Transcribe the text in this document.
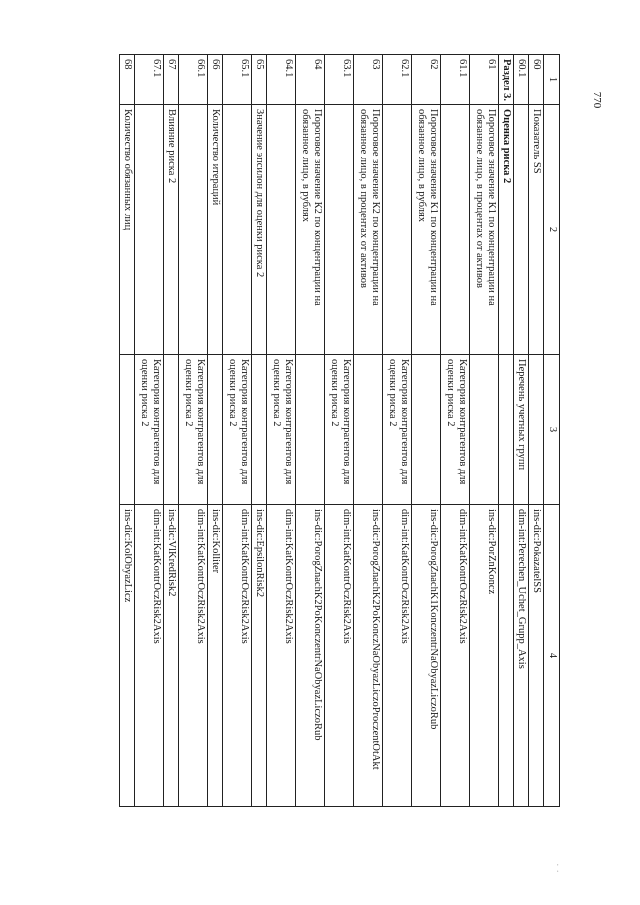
770
1	2	3	4
60	Показатель SS		ins-dic:PokazatelSS
60.1		Перечень учетных групп	dim-int:Perechen_Uchet_Grupp_Axis
Раздел 3.	Оценка риска 2		
61	Пороговое значение К1 по концентрации на обязанное лицо, в процентах от активов		ins-dic:PorZnKoncz
61.1		Категория контрагентов для оценки риска 2	dim-int:KatKontrOczRisk2Axis
62	Пороговое значение К1 по концентрации на обязанное лицо, в рублях		ins-dic:PorogZnachK1KonczentrNaObyazLiczoRub
62.1		Категория контрагентов для оценки риска 2	dim-int:KatKontrOczRisk2Axis
63	Пороговое значение К2 по концентрации на обязанное лицо, в процентах от активов		ins-dic:PorogZnachK2PoKonczNaObyazLiczoProczentOtAkt
63.1		Категория контрагентов для оценки риска 2	dim-int:KatKontrOczRisk2Axis
64	Пороговое значение К2 по концентрации на обязанное лицо, в рублях		ins-dic:PorogZnachK2PoKonczentrNaObyazLiczoRub
64.1		Категория контрагентов для оценки риска 2	dim-int:KatKontrOczRisk2Axis
65	Значение эпсилон для оценки риска 2		ins-dic:EpsilonRisk2
65.1		Категория контрагентов для оценки риска 2	dim-int:KatKontrOczRisk2Axis
66	Количество итераций		ins-dic:Kolliter
66.1		Категория контрагентов для оценки риска 2	dim-int:KatKontrOczRisk2Axis
67	Влияние риска 2		ins-dic:VlKredRisk2
67.1		Категория контрагентов для оценки риска 2	dim-int:KatKontrOczRisk2Axis
68	Количество обязанных лиц		ins-dic:KolObyazLicz
· ·
